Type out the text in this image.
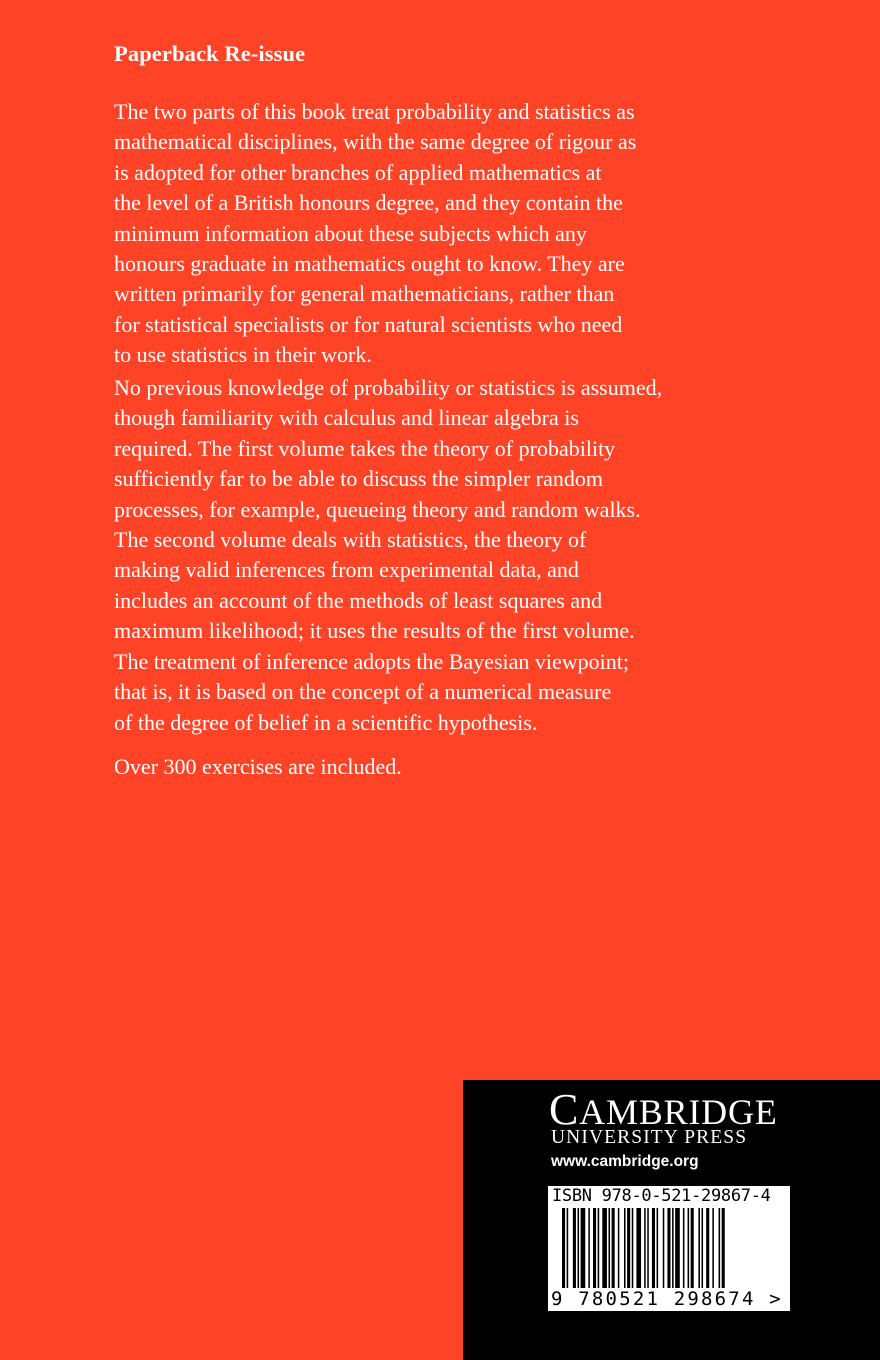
Paperback Re-issue

The two parts of this book treat probability and statistics as
mathematical disciplines, with the same degree of rigour as
is adopted for other branches of applied mathematics at
the level of a British honours degree, and they contain the
minimum information about these subjects which any
honours graduate in mathematics ought to know. They are
written primarily for general mathematicians, rather than
for statistical specialists or for natural scientists who need
to use statistics in their work.

No previous knowledge of probability or statistics is assumed,
though familiarity with calculus and linear algebra is
required. The first volume takes the theory of probability
sufficiently far to be able to discuss the simpler random
processes, for example, queueing theory and random walks.
The second volume deals with statistics, the theory of
making valid inferences from experimental data, and
includes an account of the methods of least squares and
maximum likelihood; it uses the results of the first volume.

The treatment of inference adopts the Bayesian viewpoint;
that is, it is based on the concept of a numerical measure
of the degree of belief in a scientific hypothesis.

Over 300 exercises are included.

CAMBRIDGE

UNIVERSITY PRESS

www.cambridge.org

ISBN 978-0-521-29867-4

9 780521 298674 >
